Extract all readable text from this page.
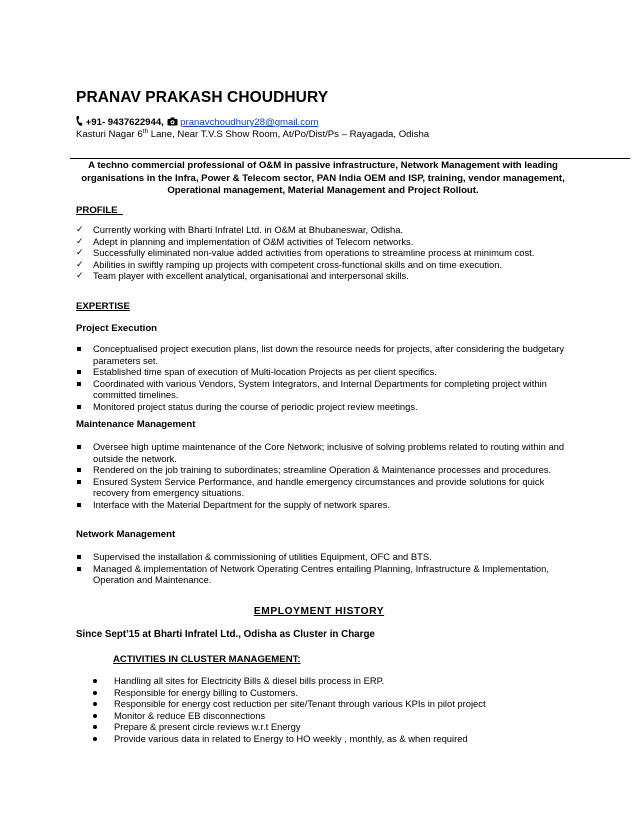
PRANAV PRAKASH CHOUDHURY
+91- 9437622944, pranavchoudhury28@gmail.com
Kasturi Nagar 6th Lane, Near T.V.S Show Room, At/Po/Dist/Ps – Rayagada, Odisha
A techno commercial professional of O&M in passive infrastructure, Network Management with leading organisations in the Infra, Power & Telecom sector, PAN India OEM and ISP, training, vendor management, Operational management, Material Management and Project Rollout.
PROFILE
✓	Currently working with Bharti Infratel Ltd. in O&M at Bhubaneswar, Odisha.
✓	Adept in planning and implementation of O&M activities of Telecom networks.
✓	Successfully eliminated non-value added activities from operations to streamline process at minimum cost.
✓	Abilities in swiftly ramping up projects with competent cross-functional skills and on time execution.
✓	Team player with excellent analytical, organisational and interpersonal skills.
EXPERTISE
Project Execution
Conceptualised project execution plans, list down the resource needs for projects, after considering the budgetary parameters set.
Established time span of execution of Multi-location Projects as per client specifics.
Coordinated with various Vendors, System Integrators, and Internal Departments for completing project within committed timelines.
Monitored project status during the course of periodic project review meetings.
Maintenance Management
Oversee high uptime maintenance of the Core Network; inclusive of solving problems related to routing within and outside the network.
Rendered on the job training to subordinates; streamline Operation & Maintenance processes and procedures.
Ensured System Service Performance, and handle emergency circumstances and provide solutions for quick recovery from emergency situations.
Interface with the Material Department for the supply of network spares.
Network Management
Supervised the installation & commissioning of utilities Equipment, OFC and BTS.
Managed & implementation of Network Operating Centres entailing Planning, Infrastructure & Implementation, Operation and Maintenance.
EMPLOYMENT HISTORY
Since Sept’15 at Bharti Infratel Ltd., Odisha as Cluster in Charge
ACTIVITIES IN CLUSTER MANAGEMENT:
Handling all sites for Electricity Bills & diesel bills process in ERP.
Responsible for energy billing to Customers.
Responsible for energy cost reduction per site/Tenant through various KPIs in pilot project
Monitor & reduce EB disconnections
Prepare & present circle reviews w.r.t Energy
Provide various data in related to Energy to HO weekly , monthly, as & when required
